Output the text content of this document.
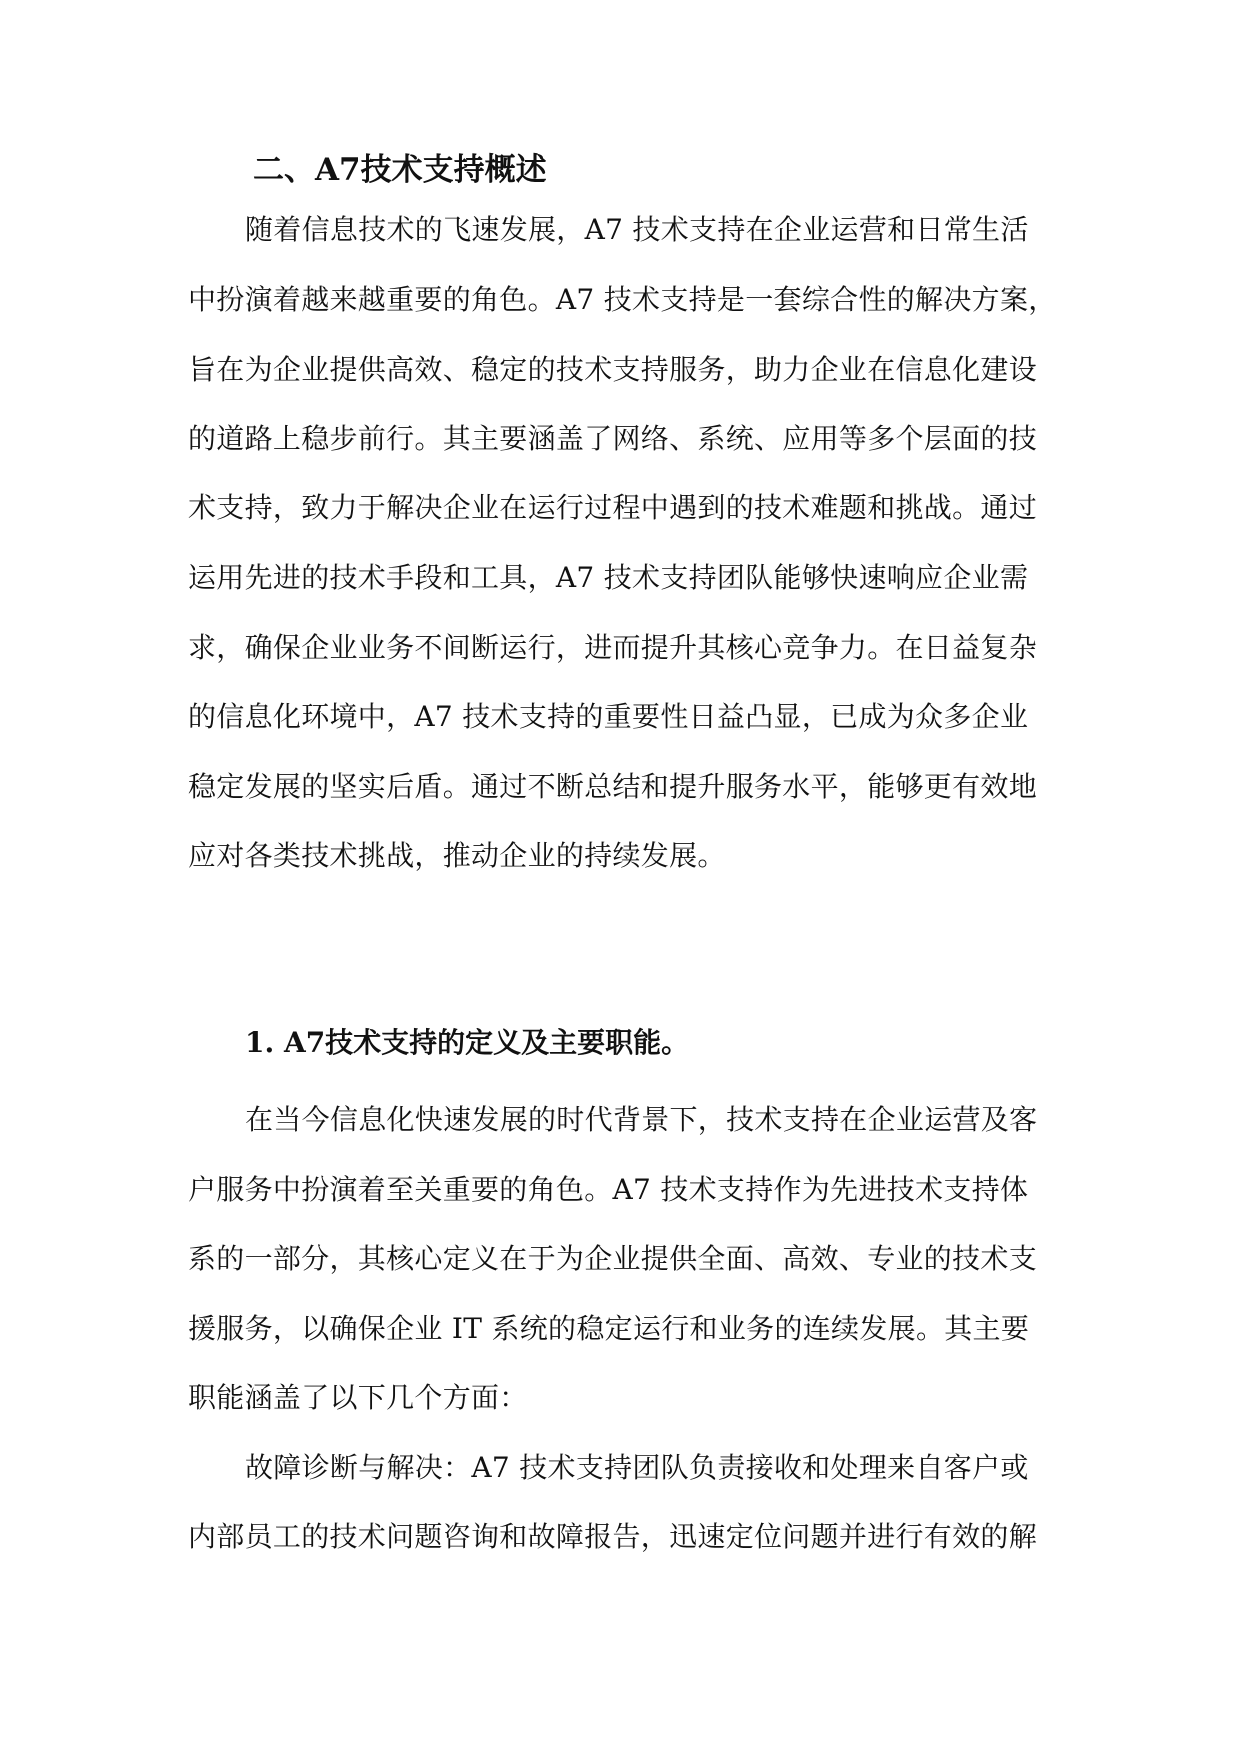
二、A7技术支持概述
随着信息技术的飞速发展，A7 技术支持在企业运营和日常生活
中扮演着越来越重要的角色。A7 技术支持是一套综合性的解决方案，
旨在为企业提供高效、稳定的技术支持服务，助力企业在信息化建设
的道路上稳步前行。其主要涵盖了网络、系统、应用等多个层面的技
术支持，致力于解决企业在运行过程中遇到的技术难题和挑战。通过
运用先进的技术手段和工具，A7 技术支持团队能够快速响应企业需
求，确保企业业务不间断运行，进而提升其核心竞争力。在日益复杂
的信息化环境中，A7 技术支持的重要性日益凸显，已成为众多企业
稳定发展的坚实后盾。通过不断总结和提升服务水平，能够更有效地
应对各类技术挑战，推动企业的持续发展。
1. A7技术支持的定义及主要职能。
在当今信息化快速发展的时代背景下，技术支持在企业运营及客
户服务中扮演着至关重要的角色。A7 技术支持作为先进技术支持体
系的一部分，其核心定义在于为企业提供全面、高效、专业的技术支
援服务，以确保企业 IT 系统的稳定运行和业务的连续发展。其主要
职能涵盖了以下几个方面：
故障诊断与解决：A7 技术支持团队负责接收和处理来自客户或
内部员工的技术问题咨询和故障报告，迅速定位问题并进行有效的解
